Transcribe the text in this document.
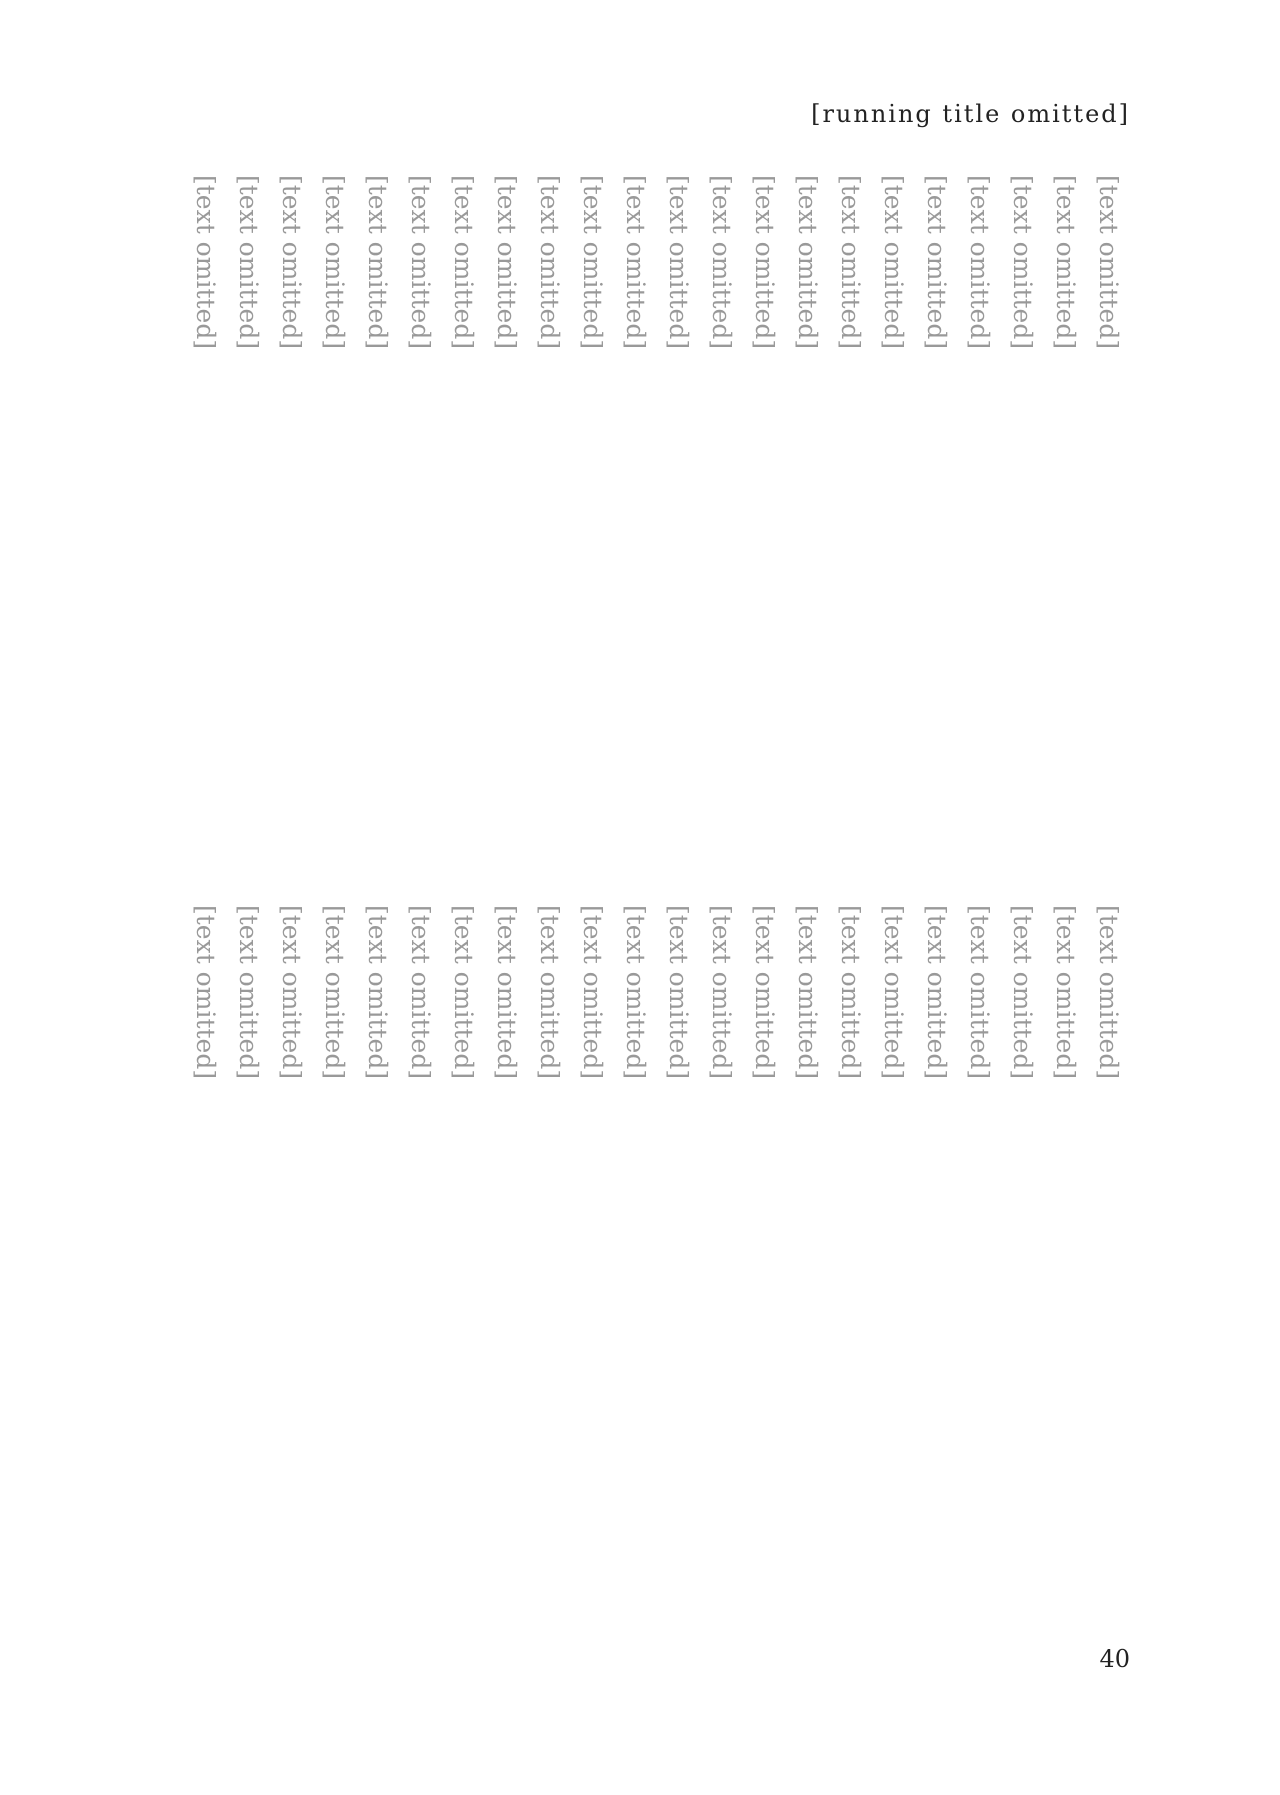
[running title omitted]
[text omitted]
[text omitted]
[text omitted]
[text omitted]
[text omitted]
[text omitted]
[text omitted]
[text omitted]
[text omitted]
[text omitted]
[text omitted]
[text omitted]
[text omitted]
[text omitted]
[text omitted]
[text omitted]
[text omitted]
[text omitted]
[text omitted]
[text omitted]
[text omitted]
[text omitted]
[text omitted]
[text omitted]
[text omitted]
[text omitted]
[text omitted]
[text omitted]
[text omitted]
[text omitted]
[text omitted]
[text omitted]
[text omitted]
[text omitted]
[text omitted]
[text omitted]
[text omitted]
[text omitted]
[text omitted]
[text omitted]
[text omitted]
[text omitted]
[text omitted]
[text omitted]
40
